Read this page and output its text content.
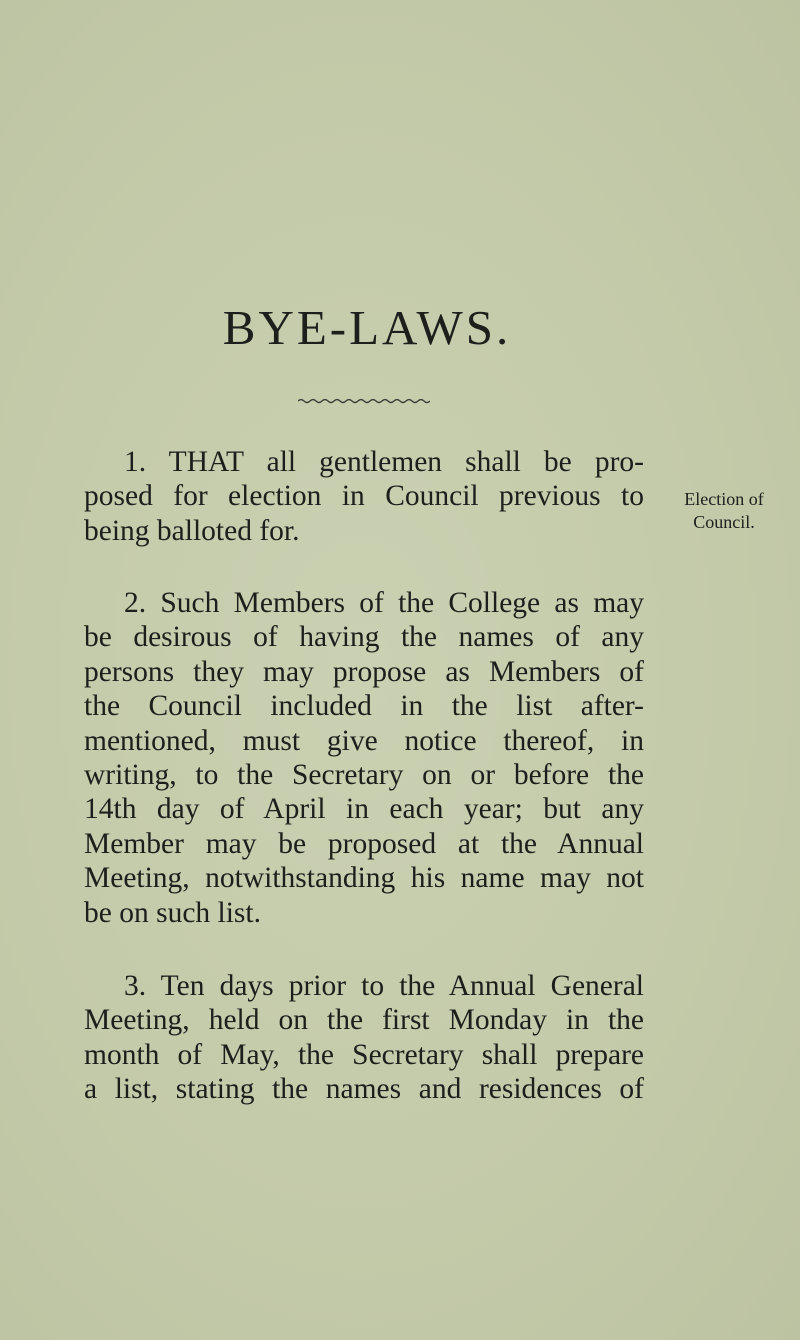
BYE-LAWS.
1. THAT all gentlemen shall be pro-
posed for election in Council previous to
being balloted for.
Election of
Council.
2. Such Members of the College as may
be desirous of having the names of any
persons they may propose as Members of
the Council included in the list after-
mentioned, must give notice thereof, in
writing, to the Secretary on or before the
14th day of April in each year; but any
Member may be proposed at the Annual
Meeting, notwithstanding his name may not
be on such list.
3. Ten days prior to the Annual General
Meeting, held on the first Monday in the
month of May, the Secretary shall prepare
a list, stating the names and residences of
